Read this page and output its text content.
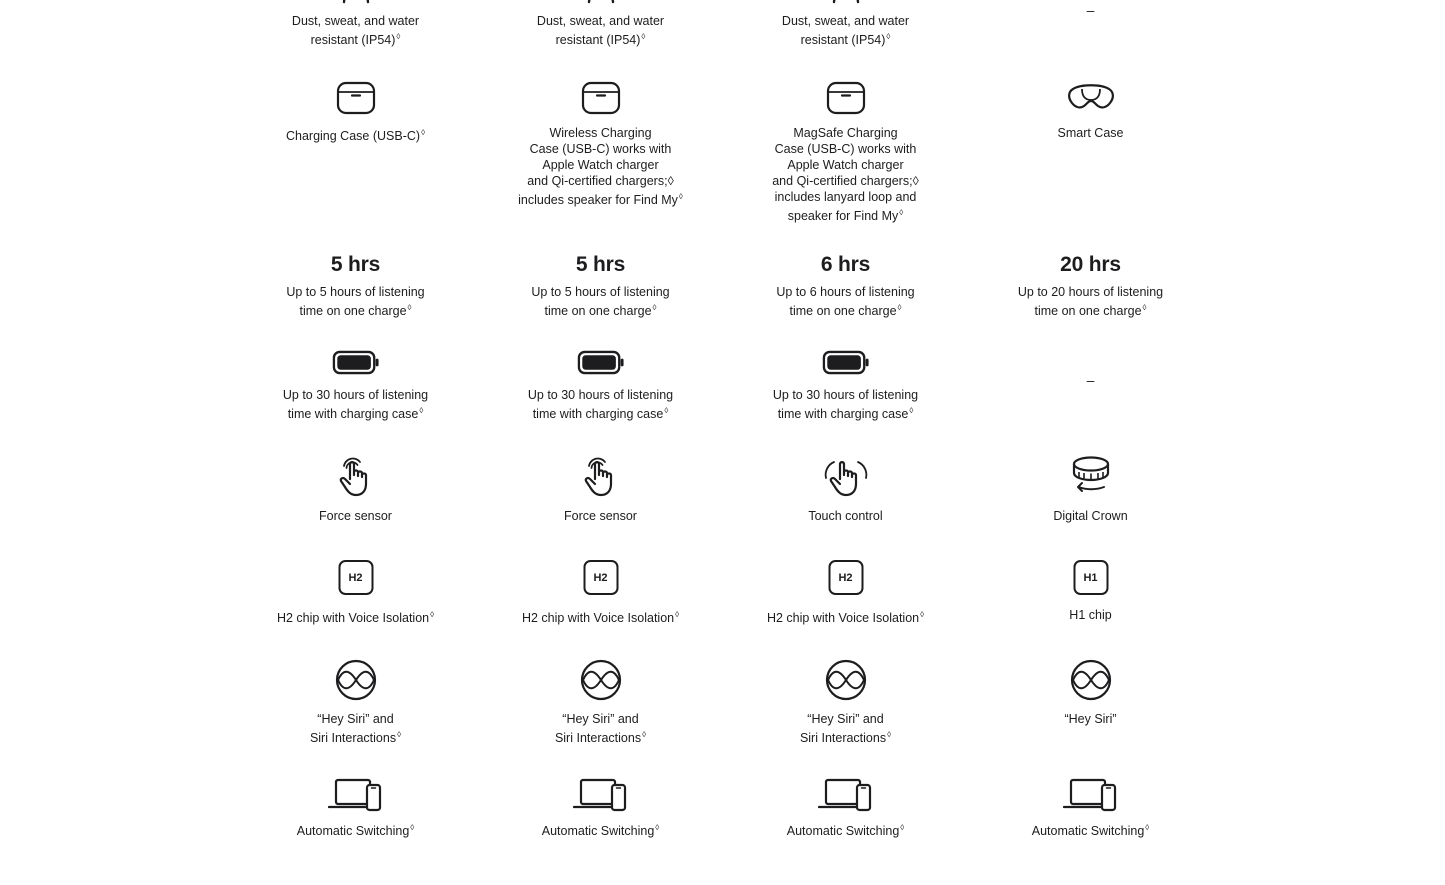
Dust, sweat, and water
resistant (IP54)◊
Charging Case (USB-C)◊
5 hrs
Up to 5 hours of listening
time on one charge◊
Up to 30 hours of listening
time with charging case◊
Force sensor
H2
H2 chip with Voice Isolation◊
“Hey Siri” and
Siri Interactions◊
Automatic Switching◊
Dust, sweat, and water
resistant (IP54)◊
Wireless Charging
Case (USB-C) works with
Apple Watch charger
and Qi-certified chargers;◊
includes speaker for Find My◊
5 hrs
Up to 5 hours of listening
time on one charge◊
Up to 30 hours of listening
time with charging case◊
Force sensor
H2
H2 chip with Voice Isolation◊
“Hey Siri” and
Siri Interactions◊
Automatic Switching◊
Dust, sweat, and water
resistant (IP54)◊
MagSafe Charging
Case (USB-C) works with
Apple Watch charger
and Qi-certified chargers;◊
includes lanyard loop and
speaker for Find My◊
6 hrs
Up to 6 hours of listening
time on one charge◊
Up to 30 hours of listening
time with charging case◊
Touch control
H2
H2 chip with Voice Isolation◊
“Hey Siri” and
Siri Interactions◊
Automatic Switching◊
–
Smart Case
20 hrs
Up to 20 hours of listening
time on one charge◊
–
Digital Crown
H1
H1 chip
“Hey Siri”
Automatic Switching◊
